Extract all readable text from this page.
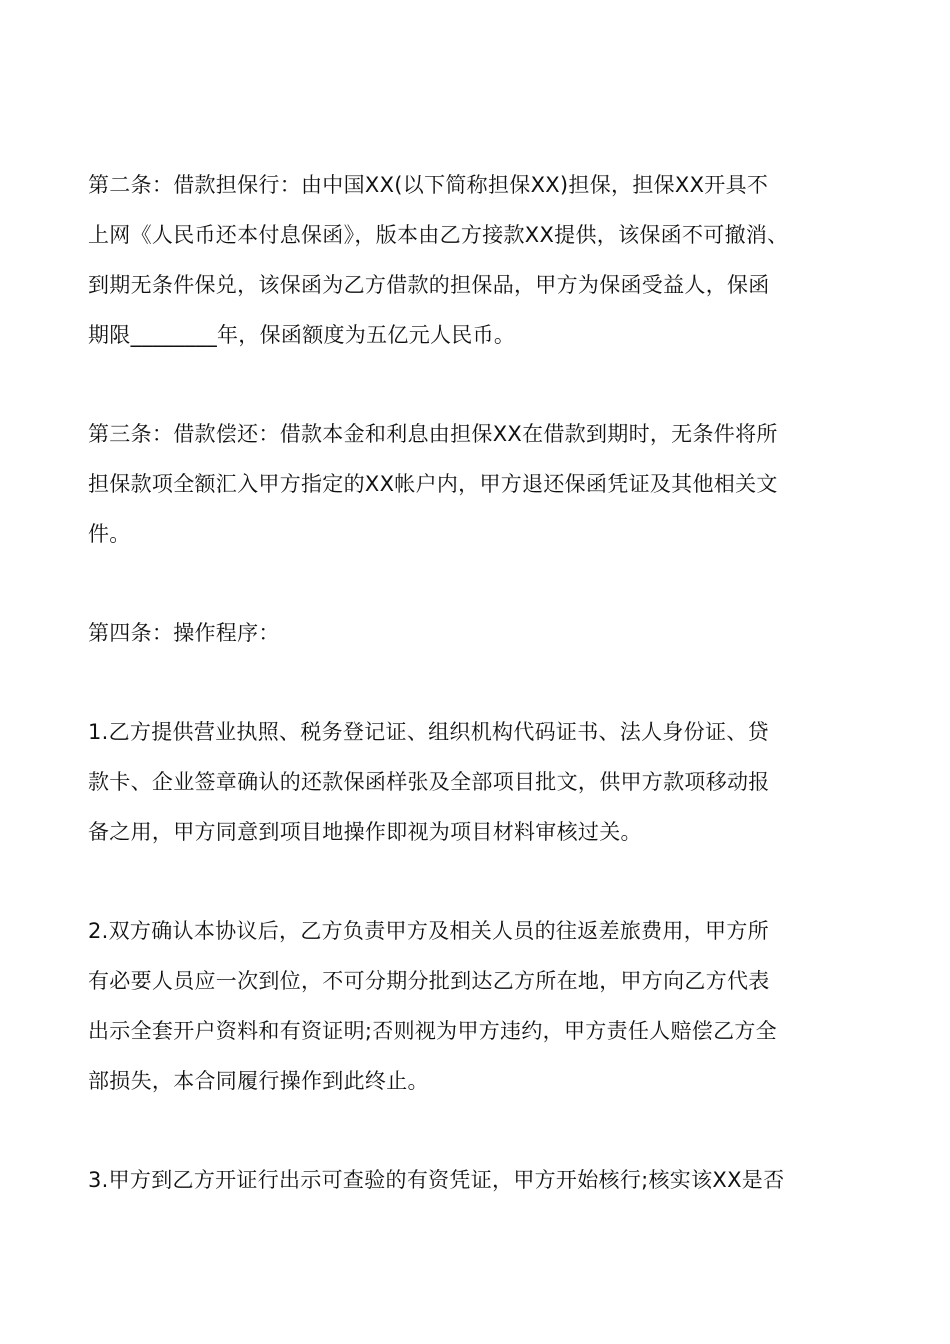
第二条：借款担保行：由中国XX(以下简称担保XX)担保，担保XX开具不
上网《人民币还本付息保函》，版本由乙方接款XX提供，该保函不可撤消、
到期无条件保兑，该保函为乙方借款的担保品，甲方为保函受益人，保函
期限________年，保函额度为五亿元人民币。

第三条：借款偿还：借款本金和利息由担保XX在借款到期时，无条件将所
担保款项全额汇入甲方指定的XX帐户内，甲方退还保函凭证及其他相关文
件。

第四条：操作程序：

1.乙方提供营业执照、税务登记证、组织机构代码证书、法人身份证、贷
款卡、企业签章确认的还款保函样张及全部项目批文，供甲方款项移动报
备之用，甲方同意到项目地操作即视为项目材料审核过关。

2.双方确认本协议后，乙方负责甲方及相关人员的往返差旅费用，甲方所
有必要人员应一次到位，不可分期分批到达乙方所在地，甲方向乙方代表
出示全套开户资料和有资证明;否则视为甲方违约，甲方责任人赔偿乙方全
部损失，本合同履行操作到此终止。

3.甲方到乙方开证行出示可查验的有资凭证，甲方开始核行;核实该XX是否
